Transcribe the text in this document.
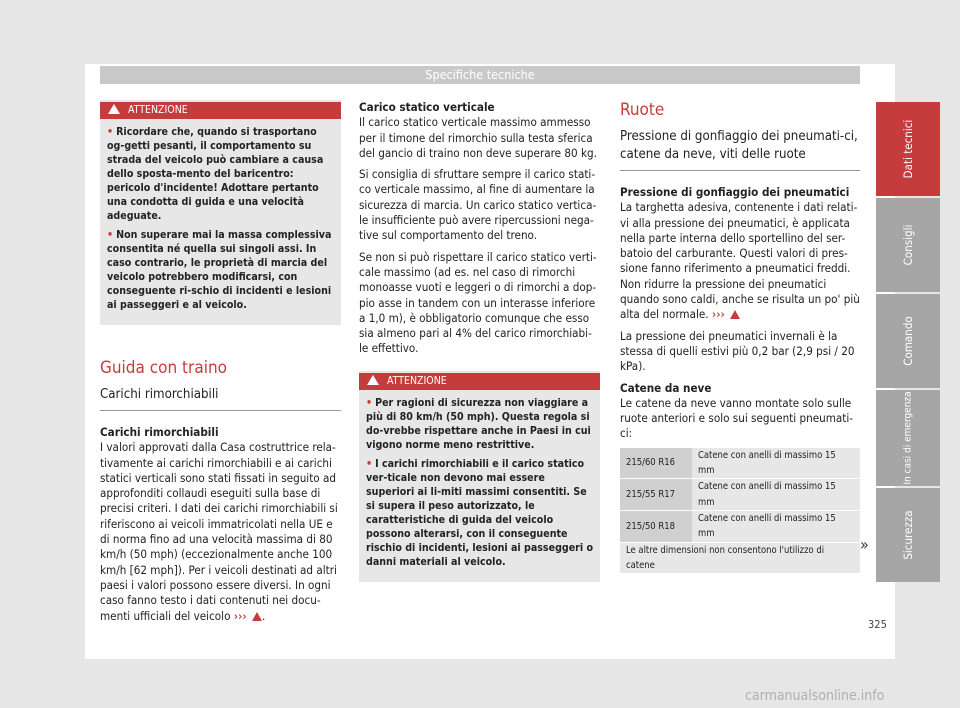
Specifiche tecniche
ATTENZIONE
• Ricordare che, quando si trasportano og-getti pesanti, il comportamento su strada del veicolo può cambiare a causa dello sposta-mento del baricentro: pericolo d'incidente! Adottare pertanto una condotta di guida e una velocità adeguate.
• Non superare mai la massa complessiva consentita né quella sui singoli assi. In caso contrario, le proprietà di marcia del veicolo potrebbero modificarsi, con conseguente ri-schio di incidenti e lesioni ai passeggeri e al veicolo.
Guida con traino
Carichi rimorchiabili

Carichi rimorchiabili

I valori approvati dalla Casa costruttrice rela-tivamente ai carichi rimorchiabili e ai carichi statici verticali sono stati fissati in seguito ad approfonditi collaudi eseguiti sulla base di precisi criteri. I dati dei carichi rimorchiabili si riferiscono ai veicoli immatricolati nella UE e di norma fino ad una velocità massima di 80 km/h (50 mph) (eccezionalmente anche 100 km/h [62 mph]). Per i veicoli destinati ad altri paesi i valori possono essere diversi. In ogni caso fanno testo i dati contenuti nei docu-menti ufficiali del veicolo ››› .

Carico statico verticale

Il carico statico verticale massimo ammesso per il timone del rimorchio sulla testa sferica del gancio di traino non deve superare 80 kg.

Si consiglia di sfruttare sempre il carico stati-co verticale massimo, al fine di aumentare la sicurezza di marcia. Un carico statico vertica-le insufficiente può avere ripercussioni nega-tive sul comportamento del treno.

Se non si può rispettare il carico statico verti-cale massimo (ad es. nel caso di rimorchi monoasse vuoti e leggeri o di rimorchi a dop-pio asse in tandem con un interasse inferiore a 1,0 m), è obbligatorio comunque che esso sia almeno pari al 4% del carico rimorchiabi-le effettivo.

ATTENZIONE
• Per ragioni di sicurezza non viaggiare a più di 80 km/h (50 mph). Questa regola si do-vrebbe rispettare anche in Paesi in cui vigono norme meno restrittive.
• I carichi rimorchiabili e il carico statico ver-ticale non devono mai essere superiori ai li-miti massimi consentiti. Se si supera il peso autorizzato, le caratteristiche di guida del veicolo possono alterarsi, con il conseguente rischio di incidenti, lesioni ai passeggeri o danni materiali al veicolo.
Ruote
Pressione di gonfiaggio dei pneumati-ci, catene da neve, viti delle ruote

Pressione di gonfiaggio dei pneumatici

La targhetta adesiva, contenente i dati relati-vi alla pressione dei pneumatici, è applicata nella parte interna dello sportellino del ser-batoio del carburante. Questi valori di pres-sione fanno riferimento a pneumatici freddi. Non ridurre la pressione dei pneumatici quando sono caldi, anche se risulta un po' più alta del normale. ›››

La pressione dei pneumatici invernali è la stessa di quelli estivi più 0,2 bar (2,9 psi / 20 kPa).

Catene da neve

Le catene da neve vanno montate solo sulle ruote anteriori e solo sui seguenti pneumati-ci:

215/60 R16	Catene con anelli di massimo 15 mm
215/55 R17	Catene con anelli di massimo 15 mm
215/50 R18	Catene con anelli di massimo 15 mm
Le altre dimensioni non consentono l'utilizzo di catene	
»
Dati tecnici
Consigli
Comando
In casi di emergenza
Sicurezza
325
carmanualsonline.info
